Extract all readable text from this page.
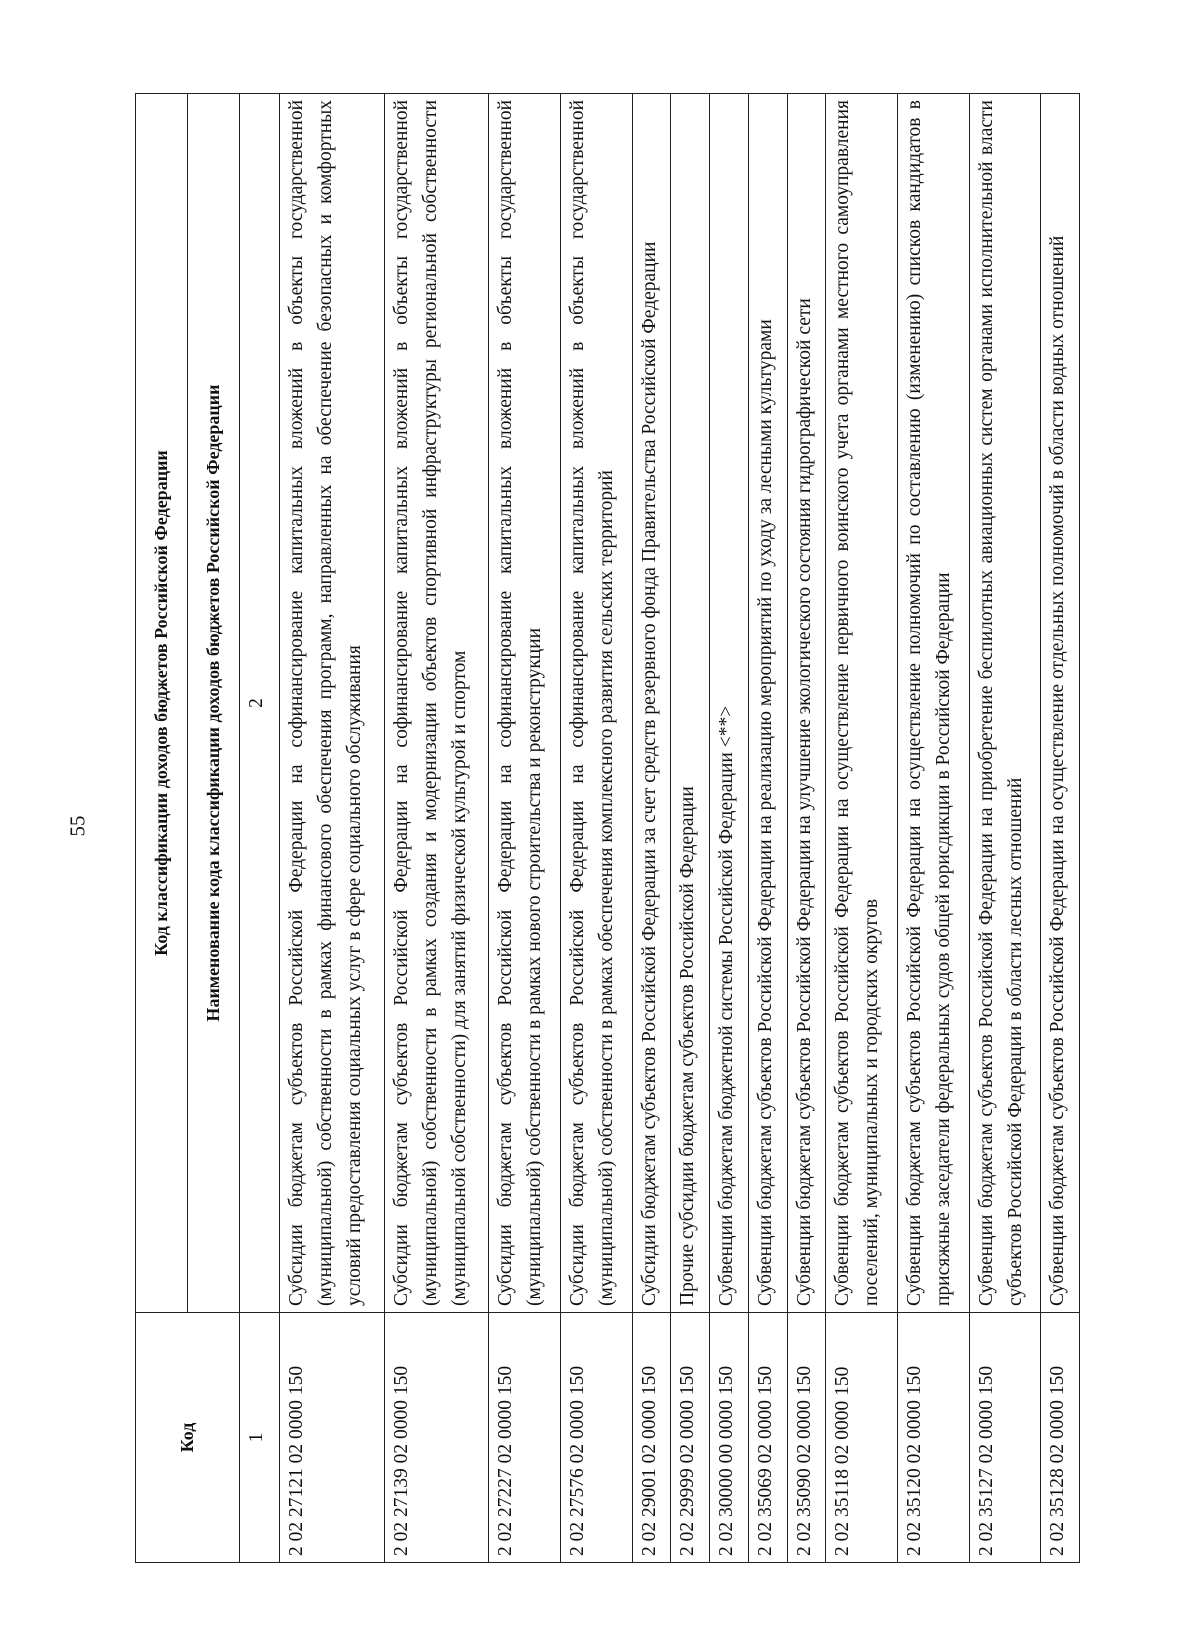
55
Код	Код классификации доходов бюджетов Российской Федерации
	Наименование кода классификации доходов бюджетов Российской Федерации
1	2
2 02 27121 02 0000 150	Субсидии бюджетам субъектов Российской Федерации на софинансирование капитальных вложений в объекты государственной (муниципальной) собственности в рамках финансового обеспечения программ, направленных на обеспечение безопасных и комфортных условий предоставления социальных услуг в сфере социального обслуживания
2 02 27139 02 0000 150	Субсидии бюджетам субъектов Российской Федерации на софинансирование капитальных вложений в объекты государственной (муниципальной) собственности в рамках создания и модернизации объектов спортивной инфраструктуры региональной собственности (муниципальной собственности) для занятий физической культурой и спортом
2 02 27227 02 0000 150	Субсидии бюджетам субъектов Российской Федерации на софинансирование капитальных вложений в объекты государственной (муниципальной) собственности в рамках нового строительства и реконструкции
2 02 27576 02 0000 150	Субсидии бюджетам субъектов Российской Федерации на софинансирование капитальных вложений в объекты государственной (муниципальной) собственности в рамках обеспечения комплексного развития сельских территорий
2 02 29001 02 0000 150	Субсидии бюджетам субъектов Российской Федерации за счет средств резервного фонда Правительства Российской Федерации
2 02 29999 02 0000 150	Прочие субсидии бюджетам субъектов Российской Федерации
2 02 30000 00 0000 150	Субвенции бюджетам бюджетной системы Российской Федерации <**>
2 02 35069 02 0000 150	Субвенции бюджетам субъектов Российской Федерации на реализацию мероприятий по уходу за лесными культурами
2 02 35090 02 0000 150	Субвенции бюджетам субъектов Российской Федерации на улучшение экологического состояния гидрографической сети
2 02 35118 02 0000 150	Субвенции бюджетам субъектов Российской Федерации на осуществление первичного воинского учета органами местного самоуправления поселений, муниципальных и городских округов
2 02 35120 02 0000 150	Субвенции бюджетам субъектов Российской Федерации на осуществление полномочий по составлению (изменению) списков кандидатов в присяжные заседатели федеральных судов общей юрисдикции в Российской Федерации
2 02 35127 02 0000 150	Субвенции бюджетам субъектов Российской Федерации на приобретение беспилотных авиационных систем органами исполнительной власти субъектов Российской Федерации в области лесных отношений
2 02 35128 02 0000 150	Субвенции бюджетам субъектов Российской Федерации на осуществление отдельных полномочий в области водных отношений
